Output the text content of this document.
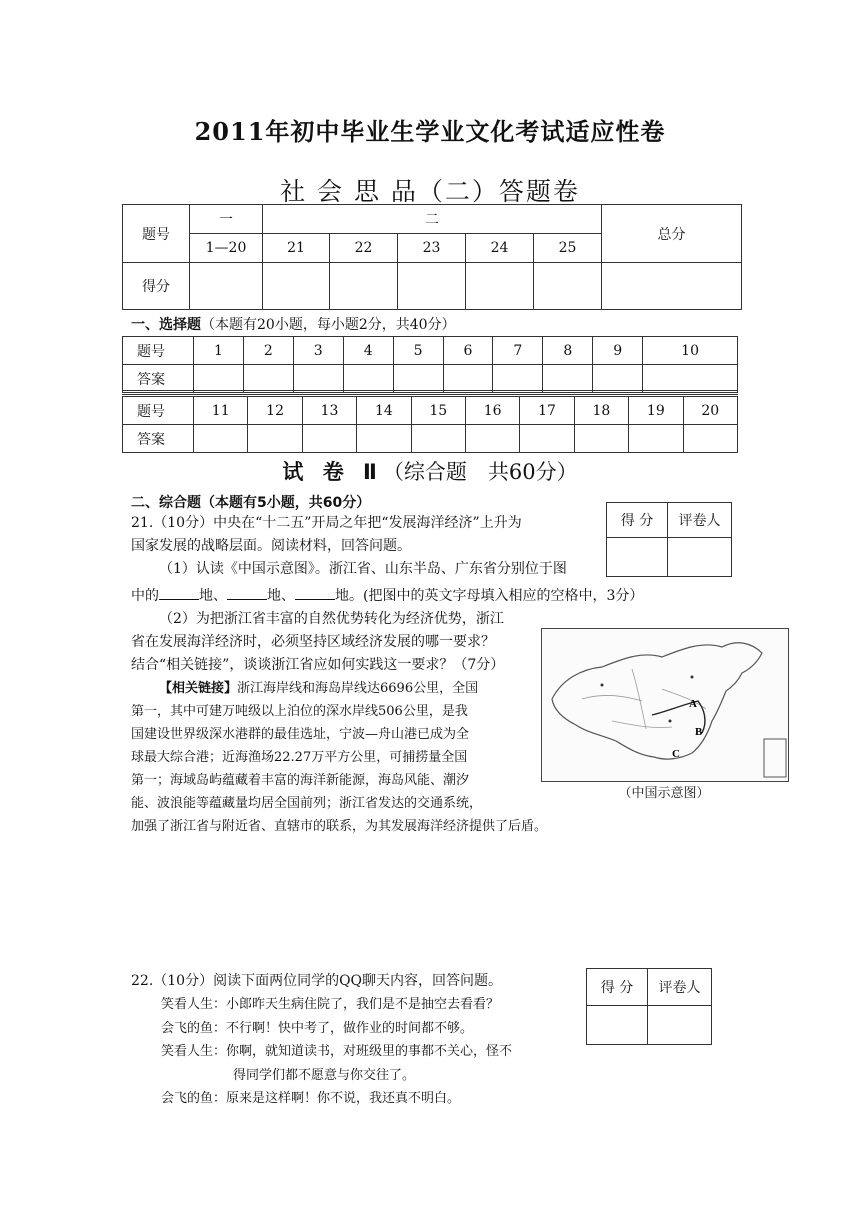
2011年初中毕业生学业文化考试适应性卷
社 会 思 品（二）答题卷
题号	一	二					总分
	1—20	21	22	23	24	25	
得分							
一、选择题（本题有20小题，每小题2分，共40分）
题号	1	2	3	4	5	6	7	8	9	10
答案										
题号	11	12	13	14	15	16	17	18	19	20
答案										
试 卷 Ⅱ（综合题　共60分）
二、综合题（本题有5小题，共60分）
得 分	评卷人

21.（10分）中央在“十二五”开局之年把“发展海洋经济”上升为
国家发展的战略层面。阅读材料，回答问题。
（1）认读《中国示意图》。浙江省、山东半岛、广东省分别位于图
中的	地、	地、	地。(把图中的英文字母填入相应的空格中，3分）
（2）为把浙江省丰富的自然优势转化为经济优势，浙江
省在发展海洋经济时，必须坚持区域经济发展的哪一要求？
结合“相关链接”，谈谈浙江省应如何实践这一要求？（7分）
【相关链接】浙江海岸线和海岛岸线达6696公里，全国
第一，其中可建万吨级以上泊位的深水岸线506公里，是我
国建设世界级深水港群的最佳选址，宁波—舟山港已成为全
球最大综合港；近海渔场22.27万平方公里，可捕捞量全国
第一；海域岛屿蕴藏着丰富的海洋新能源，海岛风能、潮汐
能、波浪能等蕴藏量均居全国前列；浙江省发达的交通系统，
加强了浙江省与附近省、直辖市的联系，为其发展海洋经济提供了后盾。
A
B
C
（中国示意图）
得 分	评卷人

22.（10分）阅读下面两位同学的QQ聊天内容，回答问题。
笑看人生：小郎昨天生病住院了，我们是不是抽空去看看？
会飞的鱼：不行啊！快中考了，做作业的时间都不够。
笑看人生：你啊，就知道读书，对班级里的事都不关心，怪不
得同学们都不愿意与你交往了。
会飞的鱼：原来是这样啊！你不说，我还真不明白。
